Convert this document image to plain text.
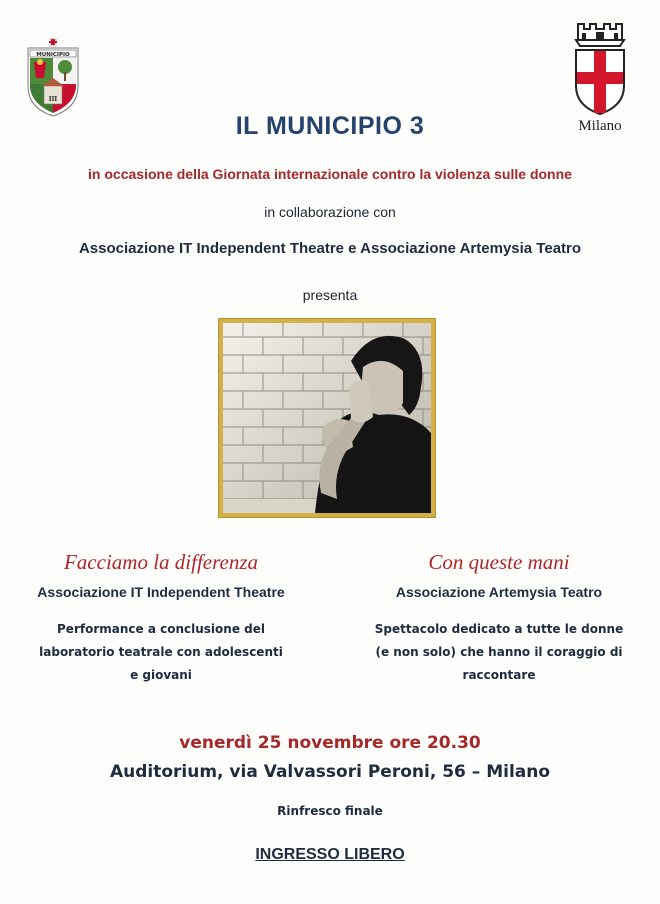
MUNICIPIO
III
Milano
IL MUNICIPIO 3
in occasione della Giornata internazionale contro la violenza sulle donne
in collaborazione con
Associazione IT Independent Theatre e Associazione Artemysia Teatro
presenta
Facciamo la differenza
Associazione IT Independent Theatre
Performance a conclusione del
laboratorio teatrale con adolescenti
e giovani
Con queste mani
Associazione Artemysia Teatro
Spettacolo dedicato a tutte le donne
(e non solo) che hanno il coraggio di
raccontare
venerdì 25 novembre ore 20.30
Auditorium, via Valvassori Peroni, 56 – Milano
Rinfresco finale
INGRESSO LIBERO
